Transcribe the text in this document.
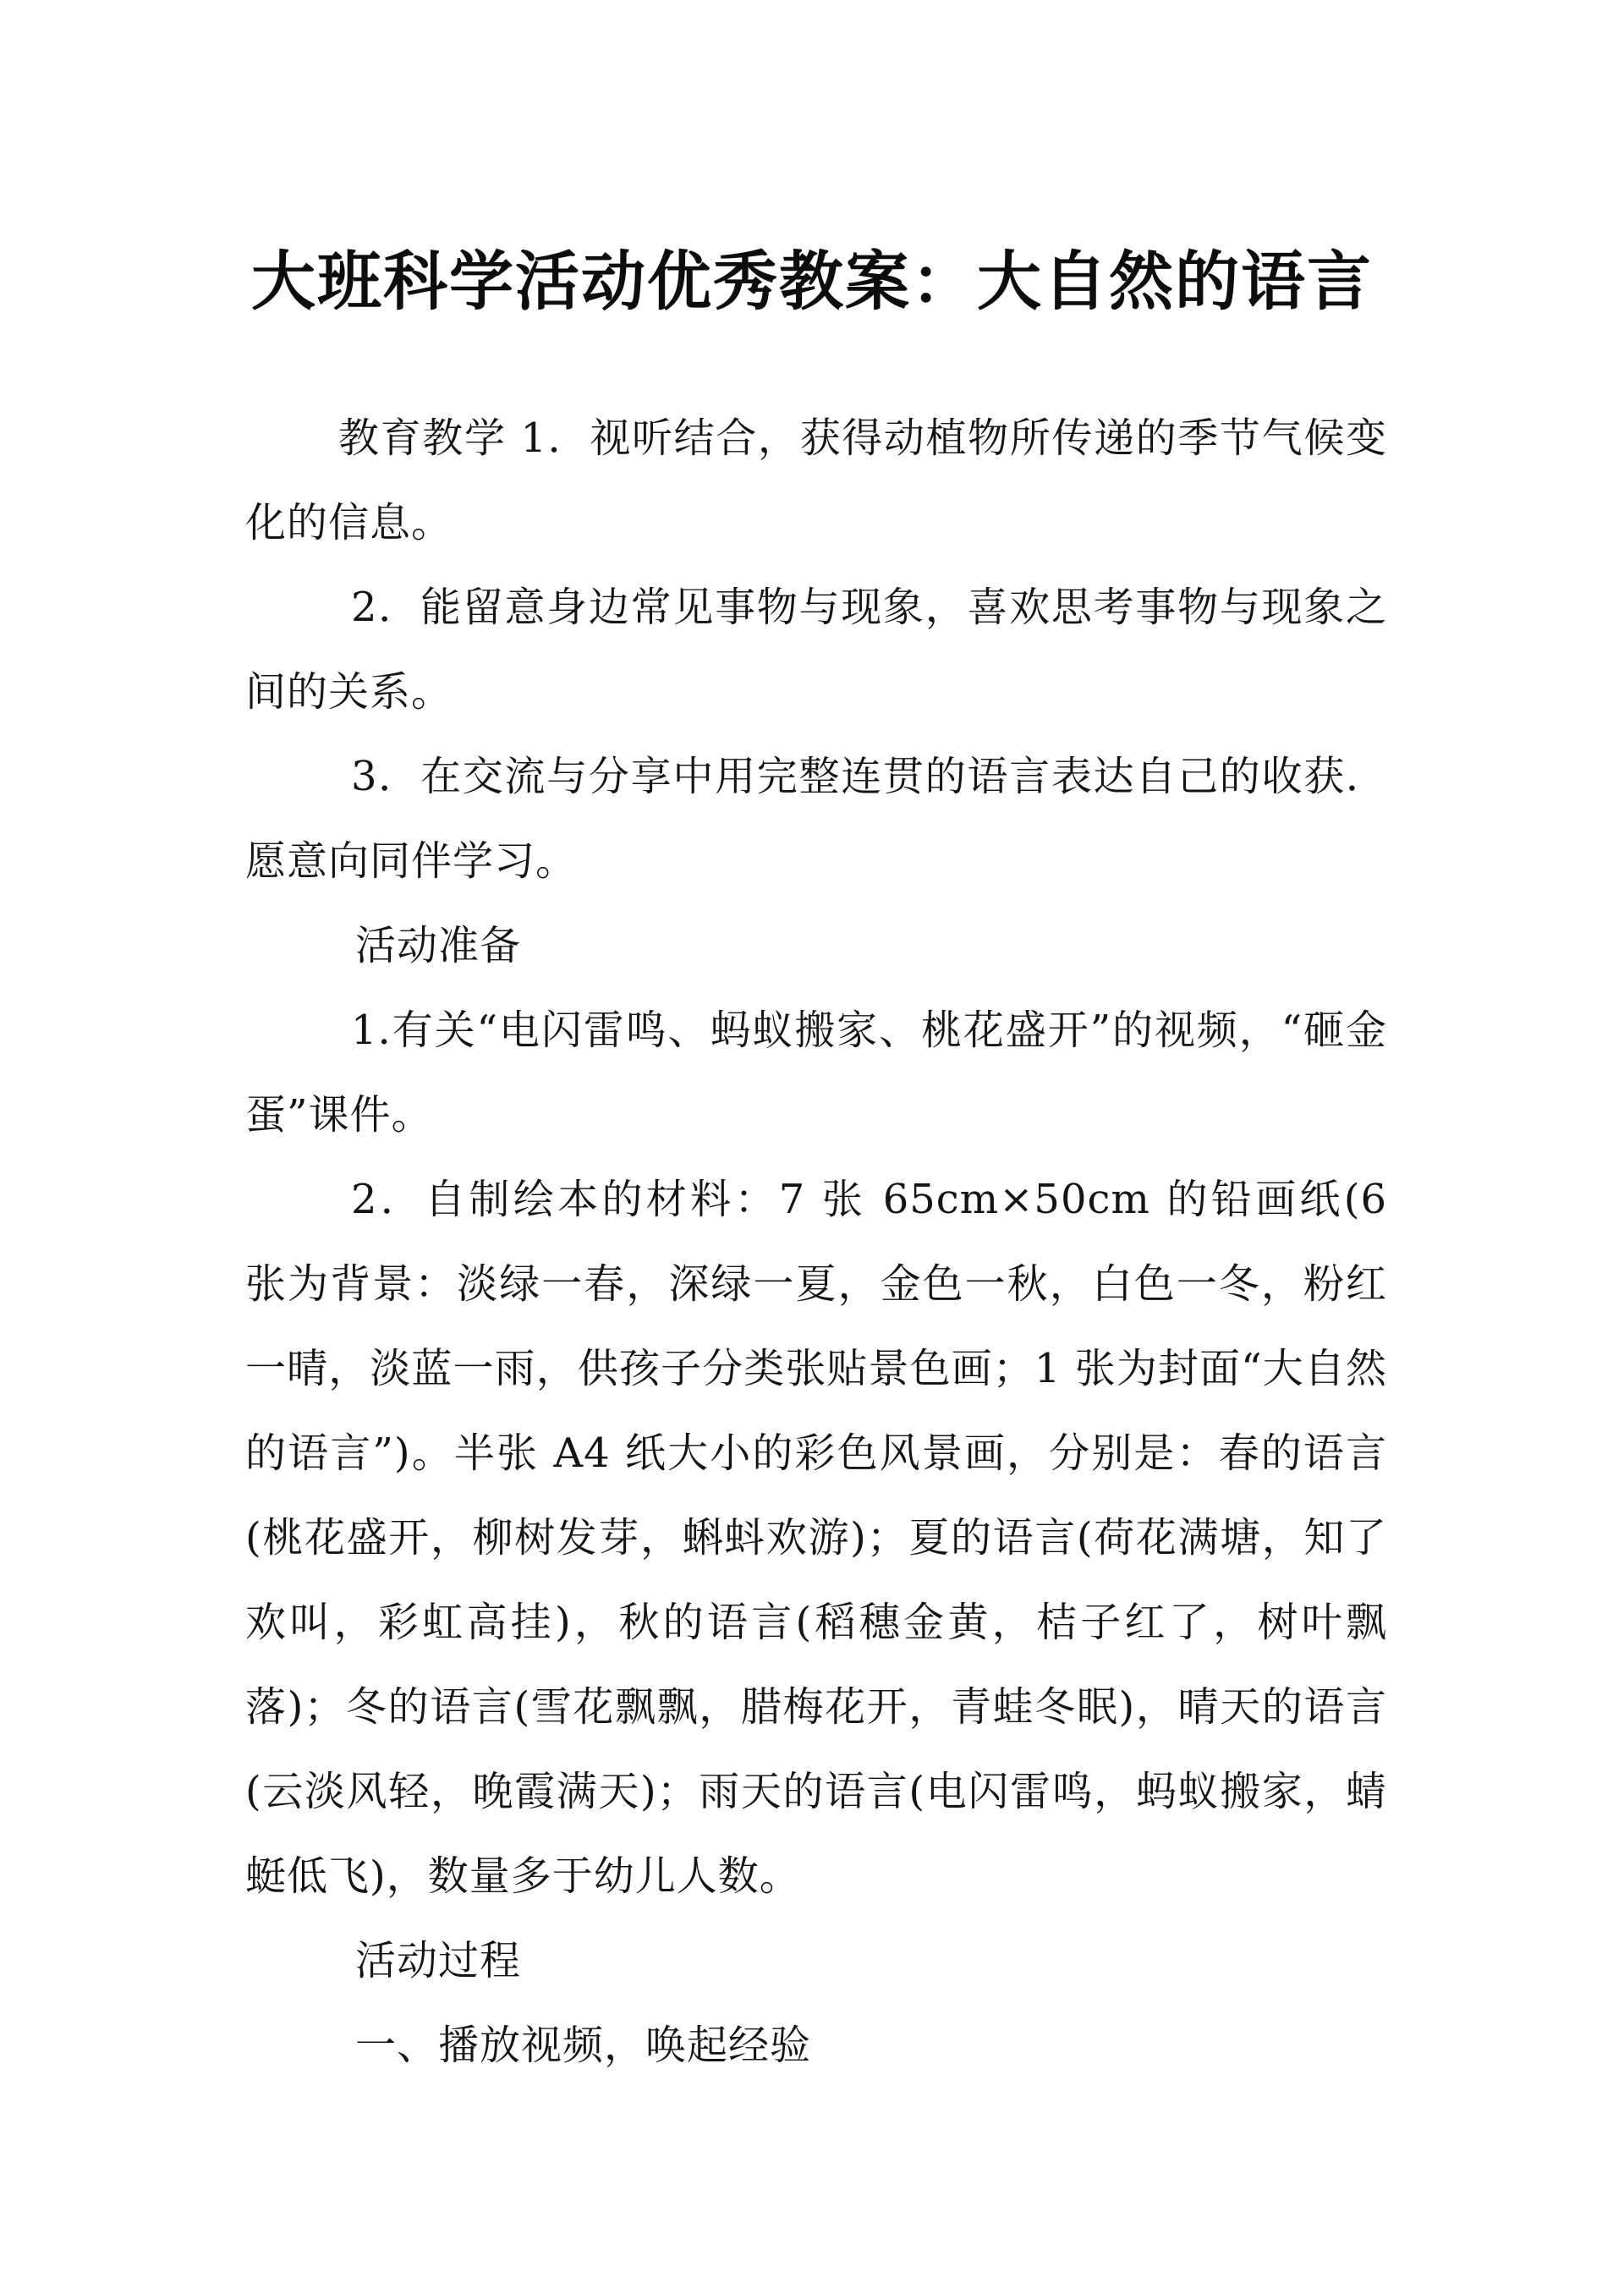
大班科学活动优秀教案：大自然的语言

教育教学 1．视听结合，获得动植物所传递的季节气候变化的信息。

2．能留意身边常见事物与现象，喜欢思考事物与现象之间的关系。

3．在交流与分享中用完整连贯的语言表达自己的收获．愿意向同伴学习。

活动准备

1.有关“电闪雷鸣、蚂蚁搬家、桃花盛开”的视频，“砸金蛋”课件。

2．自制绘本的材料：7 张 65cm×50cm 的铅画纸(6 张为背景：淡绿一春，深绿一夏，金色一秋，白色一冬，粉红一晴，淡蓝一雨，供孩子分类张贴景色画；1 张为封面“大自然的语言”)。半张 A4 纸大小的彩色风景画，分别是：春的语言(桃花盛开，柳树发芽，蝌蚪欢游)；夏的语言(荷花满塘，知了欢叫，彩虹高挂)，秋的语言(稻穗金黄，桔子红了，树叶飘落)；冬的语言(雪花飘飘，腊梅花开，青蛙冬眠)，晴天的语言(云淡风轻，晚霞满天)；雨天的语言(电闪雷鸣，蚂蚁搬家，蜻蜓低飞)，数量多于幼儿人数。

活动过程

一、播放视频，唤起经验
